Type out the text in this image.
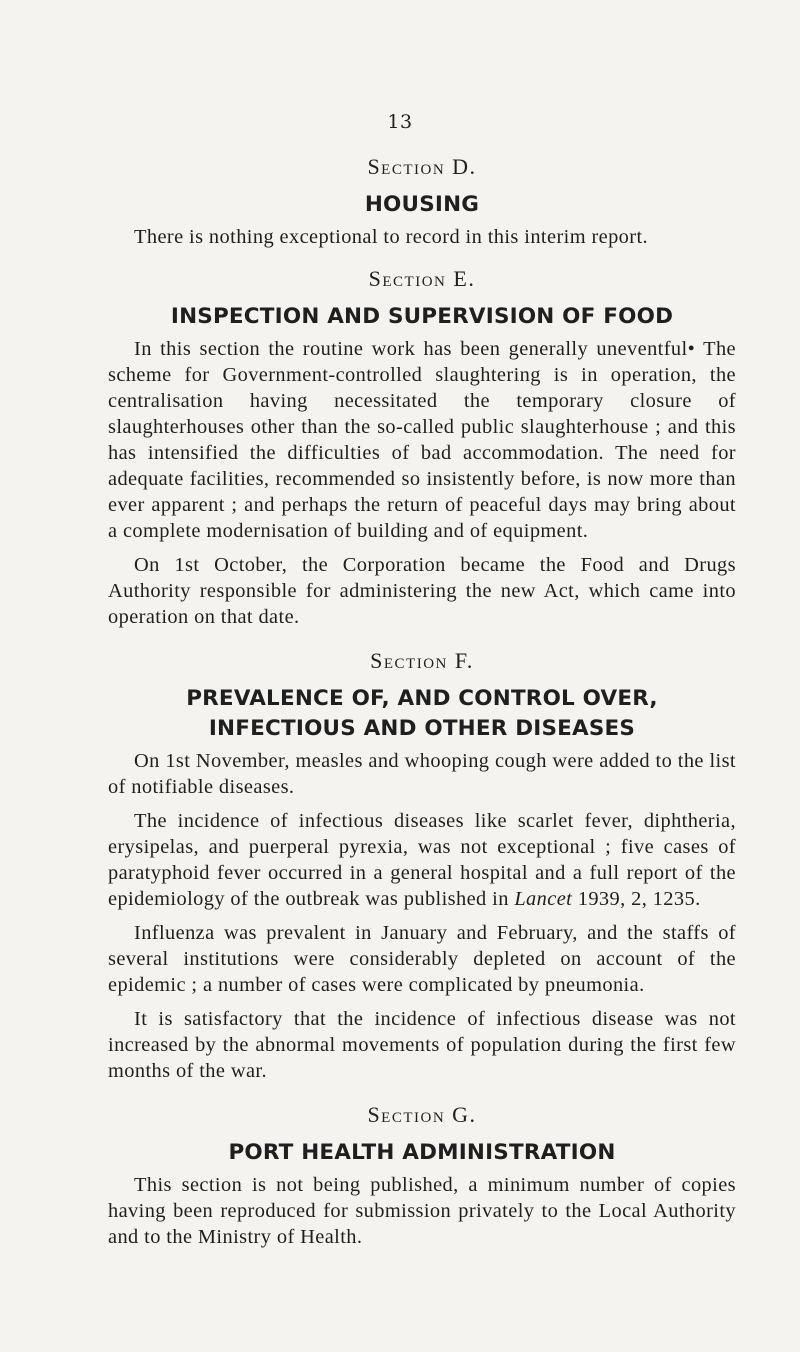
13
Section D.
HOUSING

There is nothing exceptional to record in this interim report.

Section E.
INSPECTION AND SUPERVISION OF FOOD

In this section the routine work has been generally uneventful• The scheme for Government-controlled slaughtering is in operation, the centralisation having necessitated the temporary closure of slaughterhouses other than the so-called public slaughterhouse ; and this has intensified the difficulties of bad accommodation. The need for adequate facilities, recommended so insistently before, is now more than ever apparent ; and perhaps the return of peaceful days may bring about a complete modernisation of building and of equipment.

On 1st October, the Corporation became the Food and Drugs Authority responsible for administering the new Act, which came into operation on that date.

Section F.
PREVALENCE OF, AND CONTROL OVER,
INFECTIOUS AND OTHER DISEASES

On 1st November, measles and whooping cough were added to the list of notifiable diseases.

The incidence of infectious diseases like scarlet fever, diphtheria, erysipelas, and puerperal pyrexia, was not exceptional ; five cases of paratyphoid fever occurred in a general hospital and a full report of the epidemiology of the outbreak was published in Lancet 1939, 2, 1235.

Influenza was prevalent in January and February, and the staffs of several institutions were considerably depleted on account of the epidemic ; a number of cases were complicated by pneumonia.

It is satisfactory that the incidence of infectious disease was not increased by the abnormal movements of population during the first few months of the war.

Section G.
PORT HEALTH ADMINISTRATION

This section is not being published, a minimum number of copies having been reproduced for submission privately to the Local Authority and to the Ministry of Health.
